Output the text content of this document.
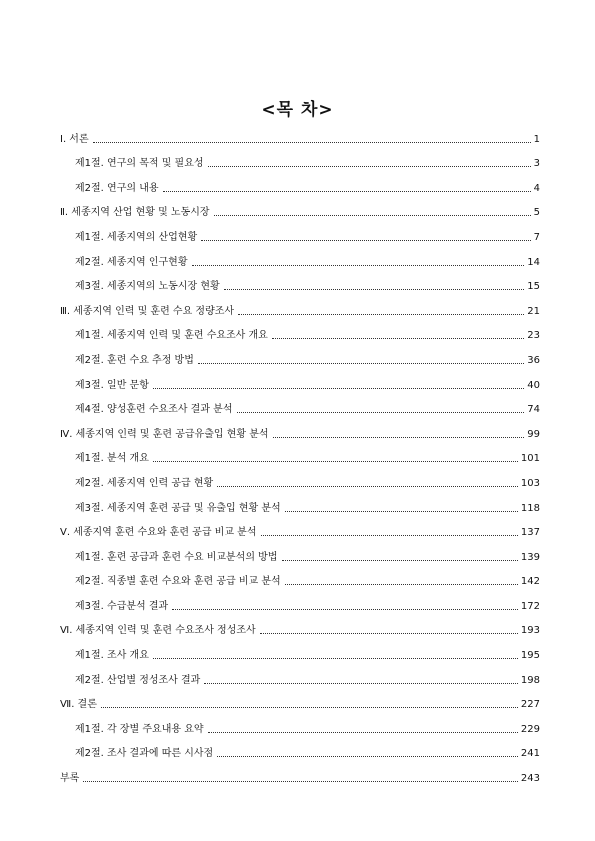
<목 차>
Ⅰ. 서론	1
제1절. 연구의 목적 및 필요성	3
제2절. 연구의 내용	4
Ⅱ. 세종지역 산업 현황 및 노동시장	5
제1절. 세종지역의 산업현황	7
제2절. 세종지역 인구현황	14
제3절. 세종지역의 노동시장 현황	15
Ⅲ. 세종지역 인력 및 훈련 수요 정량조사	21
제1절. 세종지역 인력 및 훈련 수요조사 개요	23
제2절. 훈련 수요 추정 방법	36
제3절. 일반 문항	40
제4절. 양성훈련 수요조사 결과 분석	74
Ⅳ. 세종지역 인력 및 훈련 공급유출입 현황 분석	99
제1절. 분석 개요	101
제2절. 세종지역 인력 공급 현황	103
제3절. 세종지역 훈련 공급 및 유출입 현황 분석	118
Ⅴ. 세종지역 훈련 수요와 훈련 공급 비교 분석	137
제1절. 훈련 공급과 훈련 수요 비교분석의 방법	139
제2절. 직종별 훈련 수요와 훈련 공급 비교 분석	142
제3절. 수급분석 결과	172
Ⅵ. 세종지역 인력 및 훈련 수요조사 정성조사	193
제1절. 조사 개요	195
제2절. 산업별 정성조사 결과	198
Ⅶ. 결론	227
제1절. 각 장별 주요내용 요약	229
제2절. 조사 결과에 따른 시사점	241
부록	243
